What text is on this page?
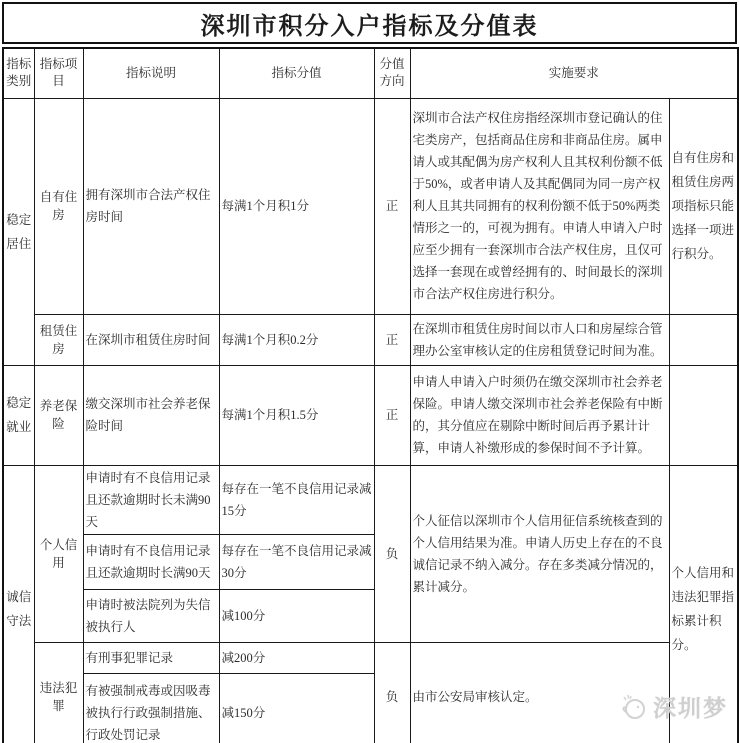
深圳市积分入户指标及分值表
指标类别	指标项目	指标说明	指标分值	分值方向	实施要求	
稳定居住	自有住房	拥有深圳市合法产权住房时间	每满1个月积1分	正	深圳市合法产权住房指经深圳市登记确认的住宅类房产，包括商品住房和非商品住房。属申请人或其配偶为房产权利人且其权利份额不低于50%，或者申请人及其配偶同为同一房产权利人且其共同拥有的权利份额不低于50%两类情形之一的，可视为拥有。申请人申请入户时应至少拥有一套深圳市合法产权住房，且仅可选择一套现在或曾经拥有的、时间最长的深圳市合法产权住房进行积分。	自有住房和租赁住房两项指标只能选择一项进行积分。
	租赁住房	在深圳市租赁住房时间	每满1个月积0.2分	正	在深圳市租赁住房时间以市人口和房屋综合管理办公室审核认定的住房租赁登记时间为准。	
稳定就业	养老保险	缴交深圳市社会养老保险时间	每满1个月积1.5分	正	申请人申请入户时须仍在缴交深圳市社会养老保险。申请人缴交深圳市社会养老保险有中断的，其分值应在剔除中断时间后再予累计计算，申请人补缴形成的参保时间不予计算。	
诚信守法	个人信用	申请时有不良信用记录且还款逾期时长未满90天	每存在一笔不良信用记录减15分	负	个人征信以深圳市个人信用征信系统核查到的个人信用结果为准。申请人历史上存在的不良诚信记录不纳入减分。存在多类减分情况的，累计减分。	个人信用和违法犯罪指标累计积分。
		申请时有不良信用记录且还款逾期时长满90天	每存在一笔不良信用记录减30分			
		申请时被法院列为失信被执行人	减100分			
	违法犯罪	有刑事犯罪记录	减200分	负	由市公安局审核认定。	
		有被强制戒毒或因吸毒被执行行政强制措施、行政处罚记录	减150分				深圳梦
